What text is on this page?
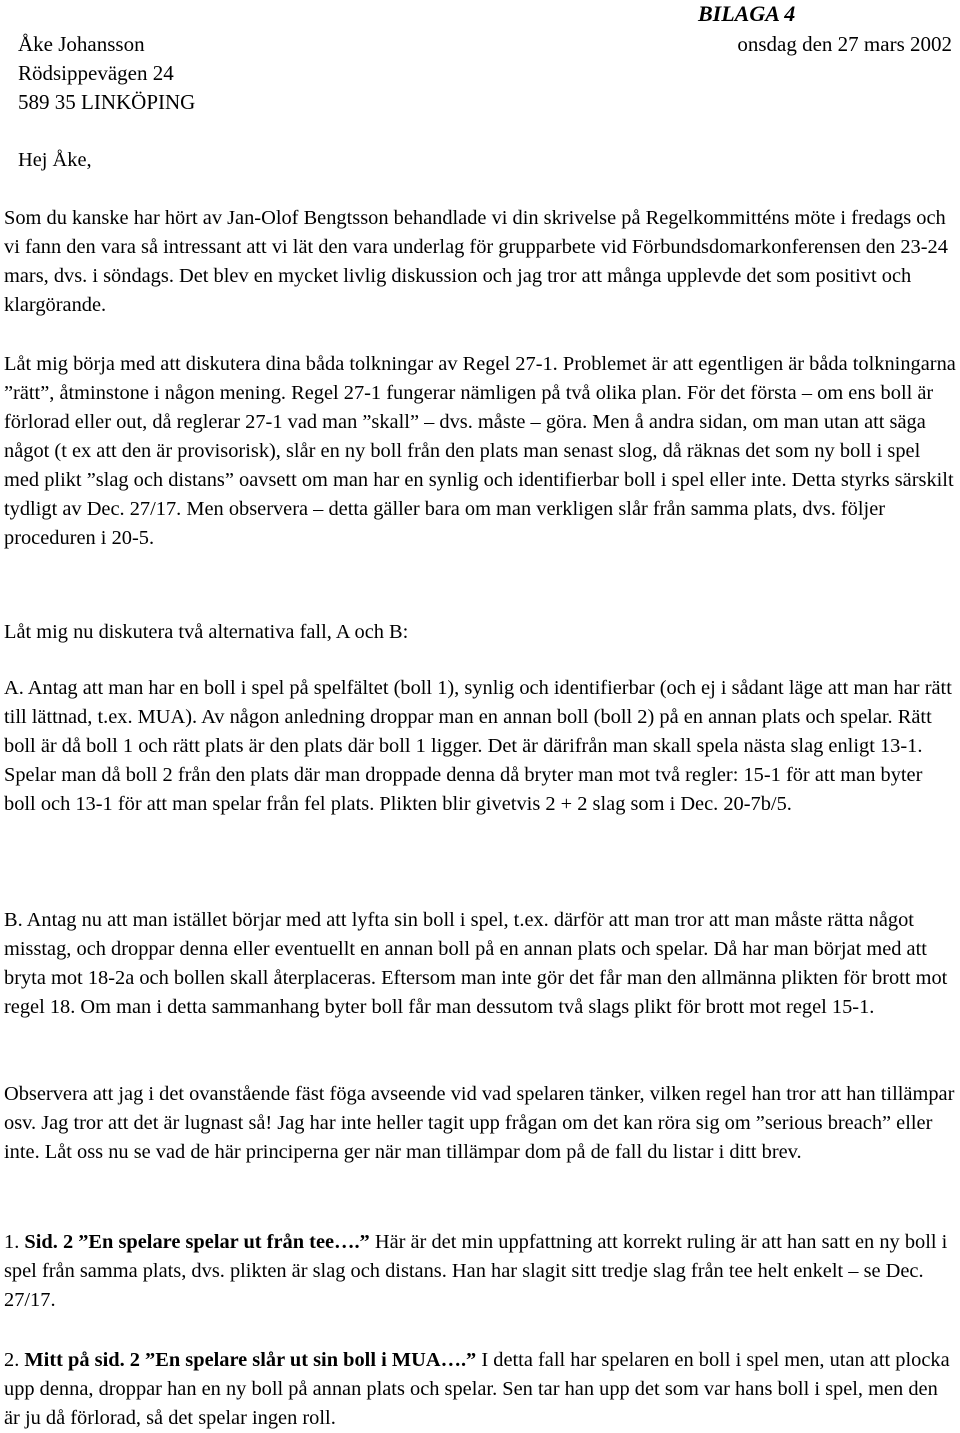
BILAGA 4
Åke Johansson
Rödsippevägen 24
589 35 LINKÖPING
onsdag den 27 mars 2002

Hej Åke,

Som du kanske har hört av Jan-Olof Bengtsson behandlade vi din skrivelse på Regelkommitténs möte i fredags och vi fann den vara så intressant att vi lät den vara underlag för grupparbete vid Förbundsdomarkonferensen den 23-24 mars, dvs. i söndags. Det blev en mycket livlig diskussion och jag tror att många upplevde det som positivt och klargörande.

Låt mig börja med att diskutera dina båda tolkningar av Regel 27-1. Problemet är att egentligen är båda tolkningarna ”rätt”, åtminstone i någon mening. Regel 27-1 fungerar nämligen på två olika plan. För det första – om ens boll är förlorad eller out, då reglerar 27-1 vad man ”skall” – dvs. måste – göra. Men å andra sidan, om man utan att säga något (t ex att den är provisorisk), slår en ny boll från den plats man senast slog, då räknas det som ny boll i spel med plikt ”slag och distans” oavsett om man har en synlig och identifierbar boll i spel eller inte. Detta styrks särskilt tydligt av Dec. 27/17. Men observera – detta gäller bara om man verkligen slår från samma plats, dvs. följer proceduren i 20-5.

Låt mig nu diskutera två alternativa fall, A och B:

A. Antag att man har en boll i spel på spelfältet (boll 1), synlig och identifierbar (och ej i sådant läge att man har rätt till lättnad, t.ex. MUA). Av någon anledning droppar man en annan boll (boll 2) på en annan plats och spelar. Rätt boll är då boll 1 och rätt plats är den plats där boll 1 ligger. Det är därifrån man skall spela nästa slag enligt 13-1. Spelar man då boll 2 från den plats där man droppade denna då bryter man mot två regler: 15-1 för att man byter boll och 13-1 för att man spelar från fel plats. Plikten blir givetvis 2 + 2 slag som i Dec. 20-7b/5.

B. Antag nu att man istället börjar med att lyfta sin boll i spel, t.ex. därför att man tror att man måste rätta något misstag, och droppar denna eller eventuellt en annan boll på en annan plats och spelar. Då har man börjat med att bryta mot 18-2a och bollen skall återplaceras. Eftersom man inte gör det får man den allmänna plikten för brott mot regel 18. Om man i detta sammanhang byter boll får man dessutom två slags plikt för brott mot regel 15-1.

Observera att jag i det ovanstående fäst föga avseende vid vad spelaren tänker, vilken regel han tror att han tillämpar osv. Jag tror att det är lugnast så! Jag har inte heller tagit upp frågan om det kan röra sig om ”serious breach” eller inte. Låt oss nu se vad de här principerna ger när man tillämpar dom på de fall du listar i ditt brev.

1. Sid. 2 ”En spelare spelar ut från tee….” Här är det min uppfattning att korrekt ruling är att han satt en ny boll i spel från samma plats, dvs. plikten är slag och distans. Han har slagit sitt tredje slag från tee helt enkelt – se Dec. 27/17.

2. Mitt på sid. 2 ”En spelare slår ut sin boll i MUA….” I detta fall har spelaren en boll i spel men, utan att plocka upp denna, droppar han en ny boll på annan plats och spelar. Sen tar han upp det som var hans boll i spel, men den är ju då förlorad, så det spelar ingen roll.
